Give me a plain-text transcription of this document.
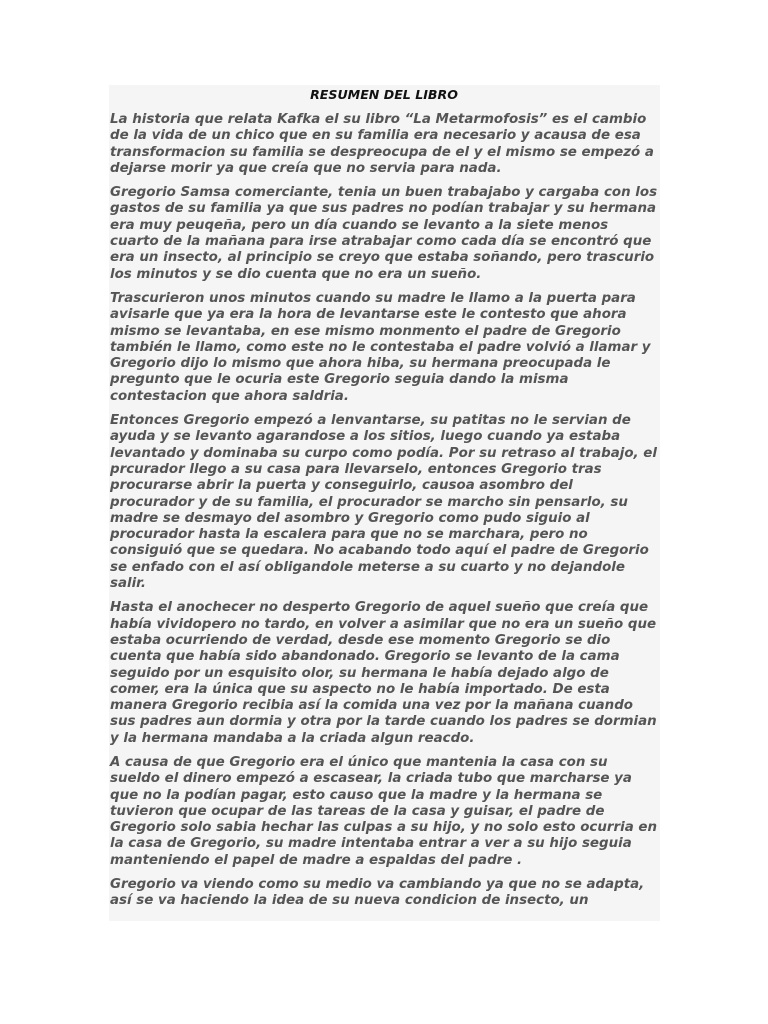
RESUMEN DEL LIBRO

La historia que relata Kafka el su libro “La Metarmofosis” es el cambio de la vida de un chico que en su familia era necesario y acausa de esa transformacion su familia se despreocupa de el y el mismo se empezó a dejarse morir ya que creía que no servia para nada.

Gregorio Samsa comerciante, tenia un buen trabajabo y cargaba con los gastos de su familia ya que sus padres no podían trabajar y su hermana era muy peuqeña, pero un día cuando se levanto a la siete menos cuarto de la mañana para irse atrabajar como cada día se encontró que era un insecto, al principio se creyo que estaba soñando, pero trascurio los minutos y se dio cuenta que no era un sueño.

Trascurieron unos minutos cuando su madre le llamo a la puerta para avisarle que ya era la hora de levantarse este le contesto que ahora mismo se levantaba, en ese mismo monmento el padre de Gregorio también le llamo, como este no le contestaba el padre volvió a llamar y Gregorio dijo lo mismo que ahora hiba, su hermana preocupada le pregunto que le ocuria este Gregorio seguia dando la misma contestacion que ahora saldria.

Entonces Gregorio empezó a lenvantarse, su patitas no le servian de ayuda y se levanto agarandose a los sitios, luego cuando ya estaba levantado y dominaba su curpo como podía. Por su retraso al trabajo, el prcurador llego a su casa para llevarselo, entonces Gregorio tras procurarse abrir la puerta y conseguirlo, causoa asombro del procurador y de su familia, el procurador se marcho sin pensarlo, su madre se desmayo del asombro y Gregorio como pudo siguio al procurador hasta la escalera para que no se marchara, pero no consiguió que se quedara. No acabando todo aquí el padre de Gregorio se enfado con el así obligandole meterse a su cuarto y no dejandole salir.

Hasta el anochecer no desperto Gregorio de aquel sueño que creía que había vividopero no tardo, en volver a asimilar que no era un sueño que estaba ocurriendo de verdad, desde ese momento Gregorio se dio cuenta que había sido abandonado. Gregorio se levanto de la cama seguido por un esquisito olor, su hermana le había dejado algo de comer, era la única que su aspecto no le había importado. De esta manera Gregorio recibia así la comida una vez por la mañana cuando sus padres aun dormia y otra por la tarde cuando los padres se dormian y la hermana mandaba a la criada algun reacdo.

A causa de que Gregorio era el único que mantenia la casa con su sueldo el dinero empezó a escasear, la criada tubo que marcharse ya que no la podían pagar, esto causo que la madre y la hermana se tuvieron que ocupar de las tareas de la casa y guisar, el padre de Gregorio solo sabia hechar las culpas a su hijo, y no solo esto ocurria en la casa de Gregorio, su madre intentaba entrar a ver a su hijo seguia manteniendo el papel de madre a espaldas del padre .

Gregorio va viendo como su medio va cambiando ya que no se adapta, así se va haciendo la idea de su nueva condicion de insecto, un
